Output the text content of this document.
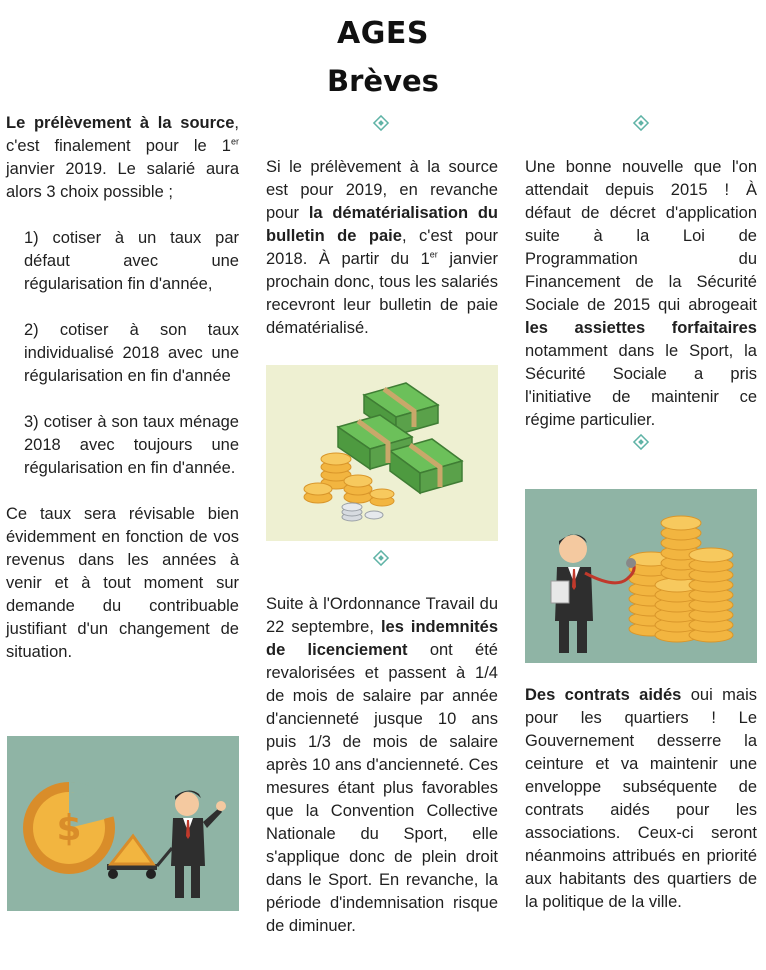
AGES
Brèves

Le prélèvement à la source, c'est finalement pour le 1er janvier 2019. Le salarié aura alors 3 choix possible ;

1) cotiser à un taux par défaut avec une régularisation fin d'année,

2) cotiser à son taux individualisé 2018 avec une régularisation en fin d'année

3) cotiser à son taux ménage 2018 avec toujours une régularisation en fin d'année.

Ce taux sera révisable bien évidemment en fonction de vos revenus dans les années à venir et à tout moment sur demande du contribuable justifiant d'un changement de situation.

$

Si le prélèvement à la source est pour 2019, en revanche pour la dématérialisation du bulletin de paie, c'est pour 2018. À partir du 1er janvier prochain donc, tous les salariés recevront leur bulletin de paie dématérialisé.

Suite à l'Ordonnance Travail du 22 septembre, les indemnités de licenciement ont été revalorisées et passent à 1/4 de mois de salaire par année d'ancienneté jusque 10 ans puis 1/3 de mois de salaire après 10 ans d'ancienneté. Ces mesures étant plus favorables que la Convention Collective Nationale du Sport, elle s'applique donc de plein droit dans le Sport. En revanche, la période d'indemnisation risque de diminuer.

Une bonne nouvelle que l'on attendait depuis 2015 ! À défaut de décret d'application suite à la Loi de Programmation du Financement de la Sécurité Sociale de 2015 qui abrogeait les assiettes forfaitaires notamment dans le Sport, la Sécurité Sociale a pris l'initiative de maintenir ce régime particulier.

Des contrats aidés oui mais pour les quartiers ! Le Gouvernement desserre la ceinture et va maintenir une enveloppe subséquente de contrats aidés pour les associations. Ceux-ci seront néanmoins attribués en priorité aux habitants des quartiers de la politique de la ville.
